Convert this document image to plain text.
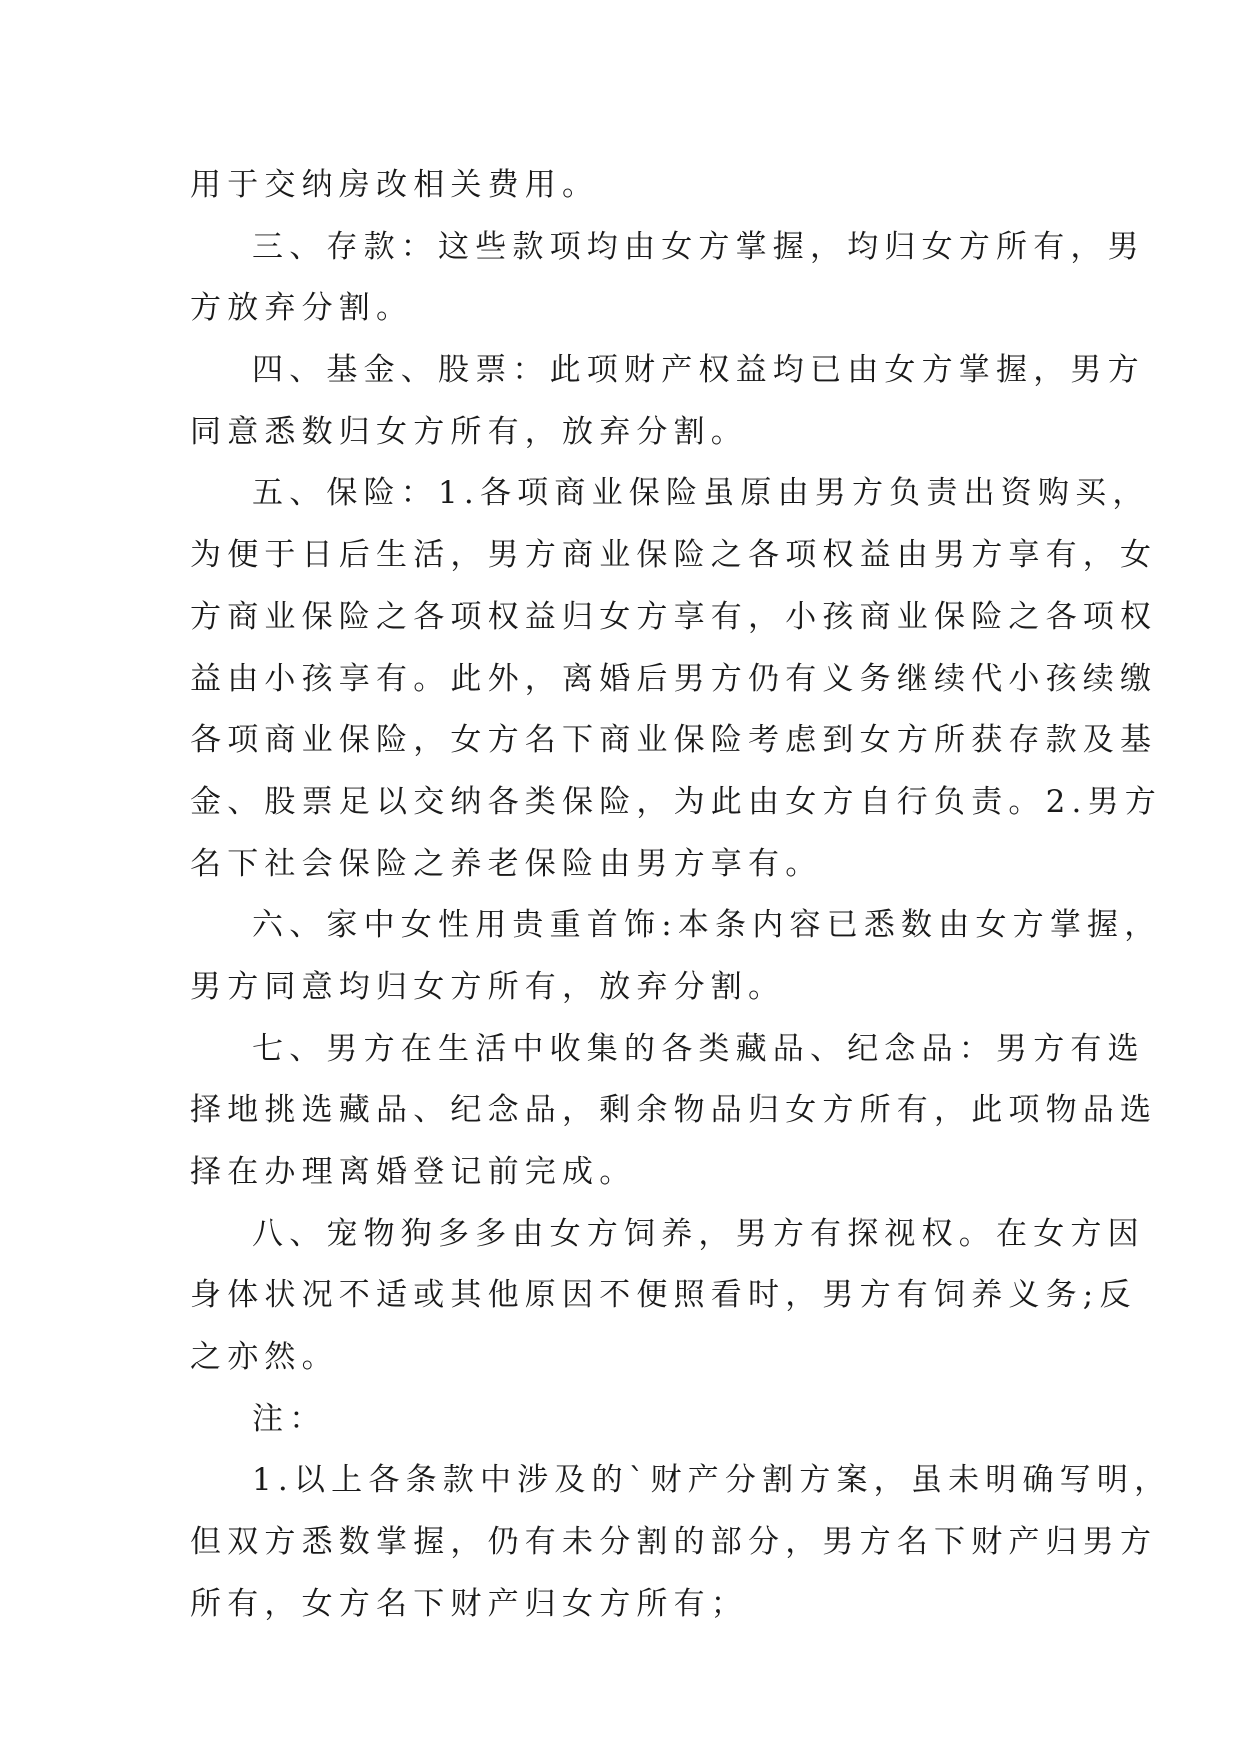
用于交纳房改相关费用。
三、存款：这些款项均由女方掌握，均归女方所有，男
方放弃分割。
四、基金、股票：此项财产权益均已由女方掌握，男方
同意悉数归女方所有，放弃分割。
五、保险：1.各项商业保险虽原由男方负责出资购买，
为便于日后生活，男方商业保险之各项权益由男方享有，女
方商业保险之各项权益归女方享有，小孩商业保险之各项权
益由小孩享有。此外，离婚后男方仍有义务继续代小孩续缴
各项商业保险，女方名下商业保险考虑到女方所获存款及基
金、股票足以交纳各类保险，为此由女方自行负责。2.男方
名下社会保险之养老保险由男方享有。
六、家中女性用贵重首饰:本条内容已悉数由女方掌握，
男方同意均归女方所有，放弃分割。
七、男方在生活中收集的各类藏品、纪念品：男方有选
择地挑选藏品、纪念品，剩余物品归女方所有，此项物品选
择在办理离婚登记前完成。
八、宠物狗多多由女方饲养，男方有探视权。在女方因
身体状况不适或其他原因不便照看时，男方有饲养义务;反
之亦然。
注：
1.以上各条款中涉及的`财产分割方案，虽未明确写明，
但双方悉数掌握，仍有未分割的部分，男方名下财产归男方
所有，女方名下财产归女方所有；
